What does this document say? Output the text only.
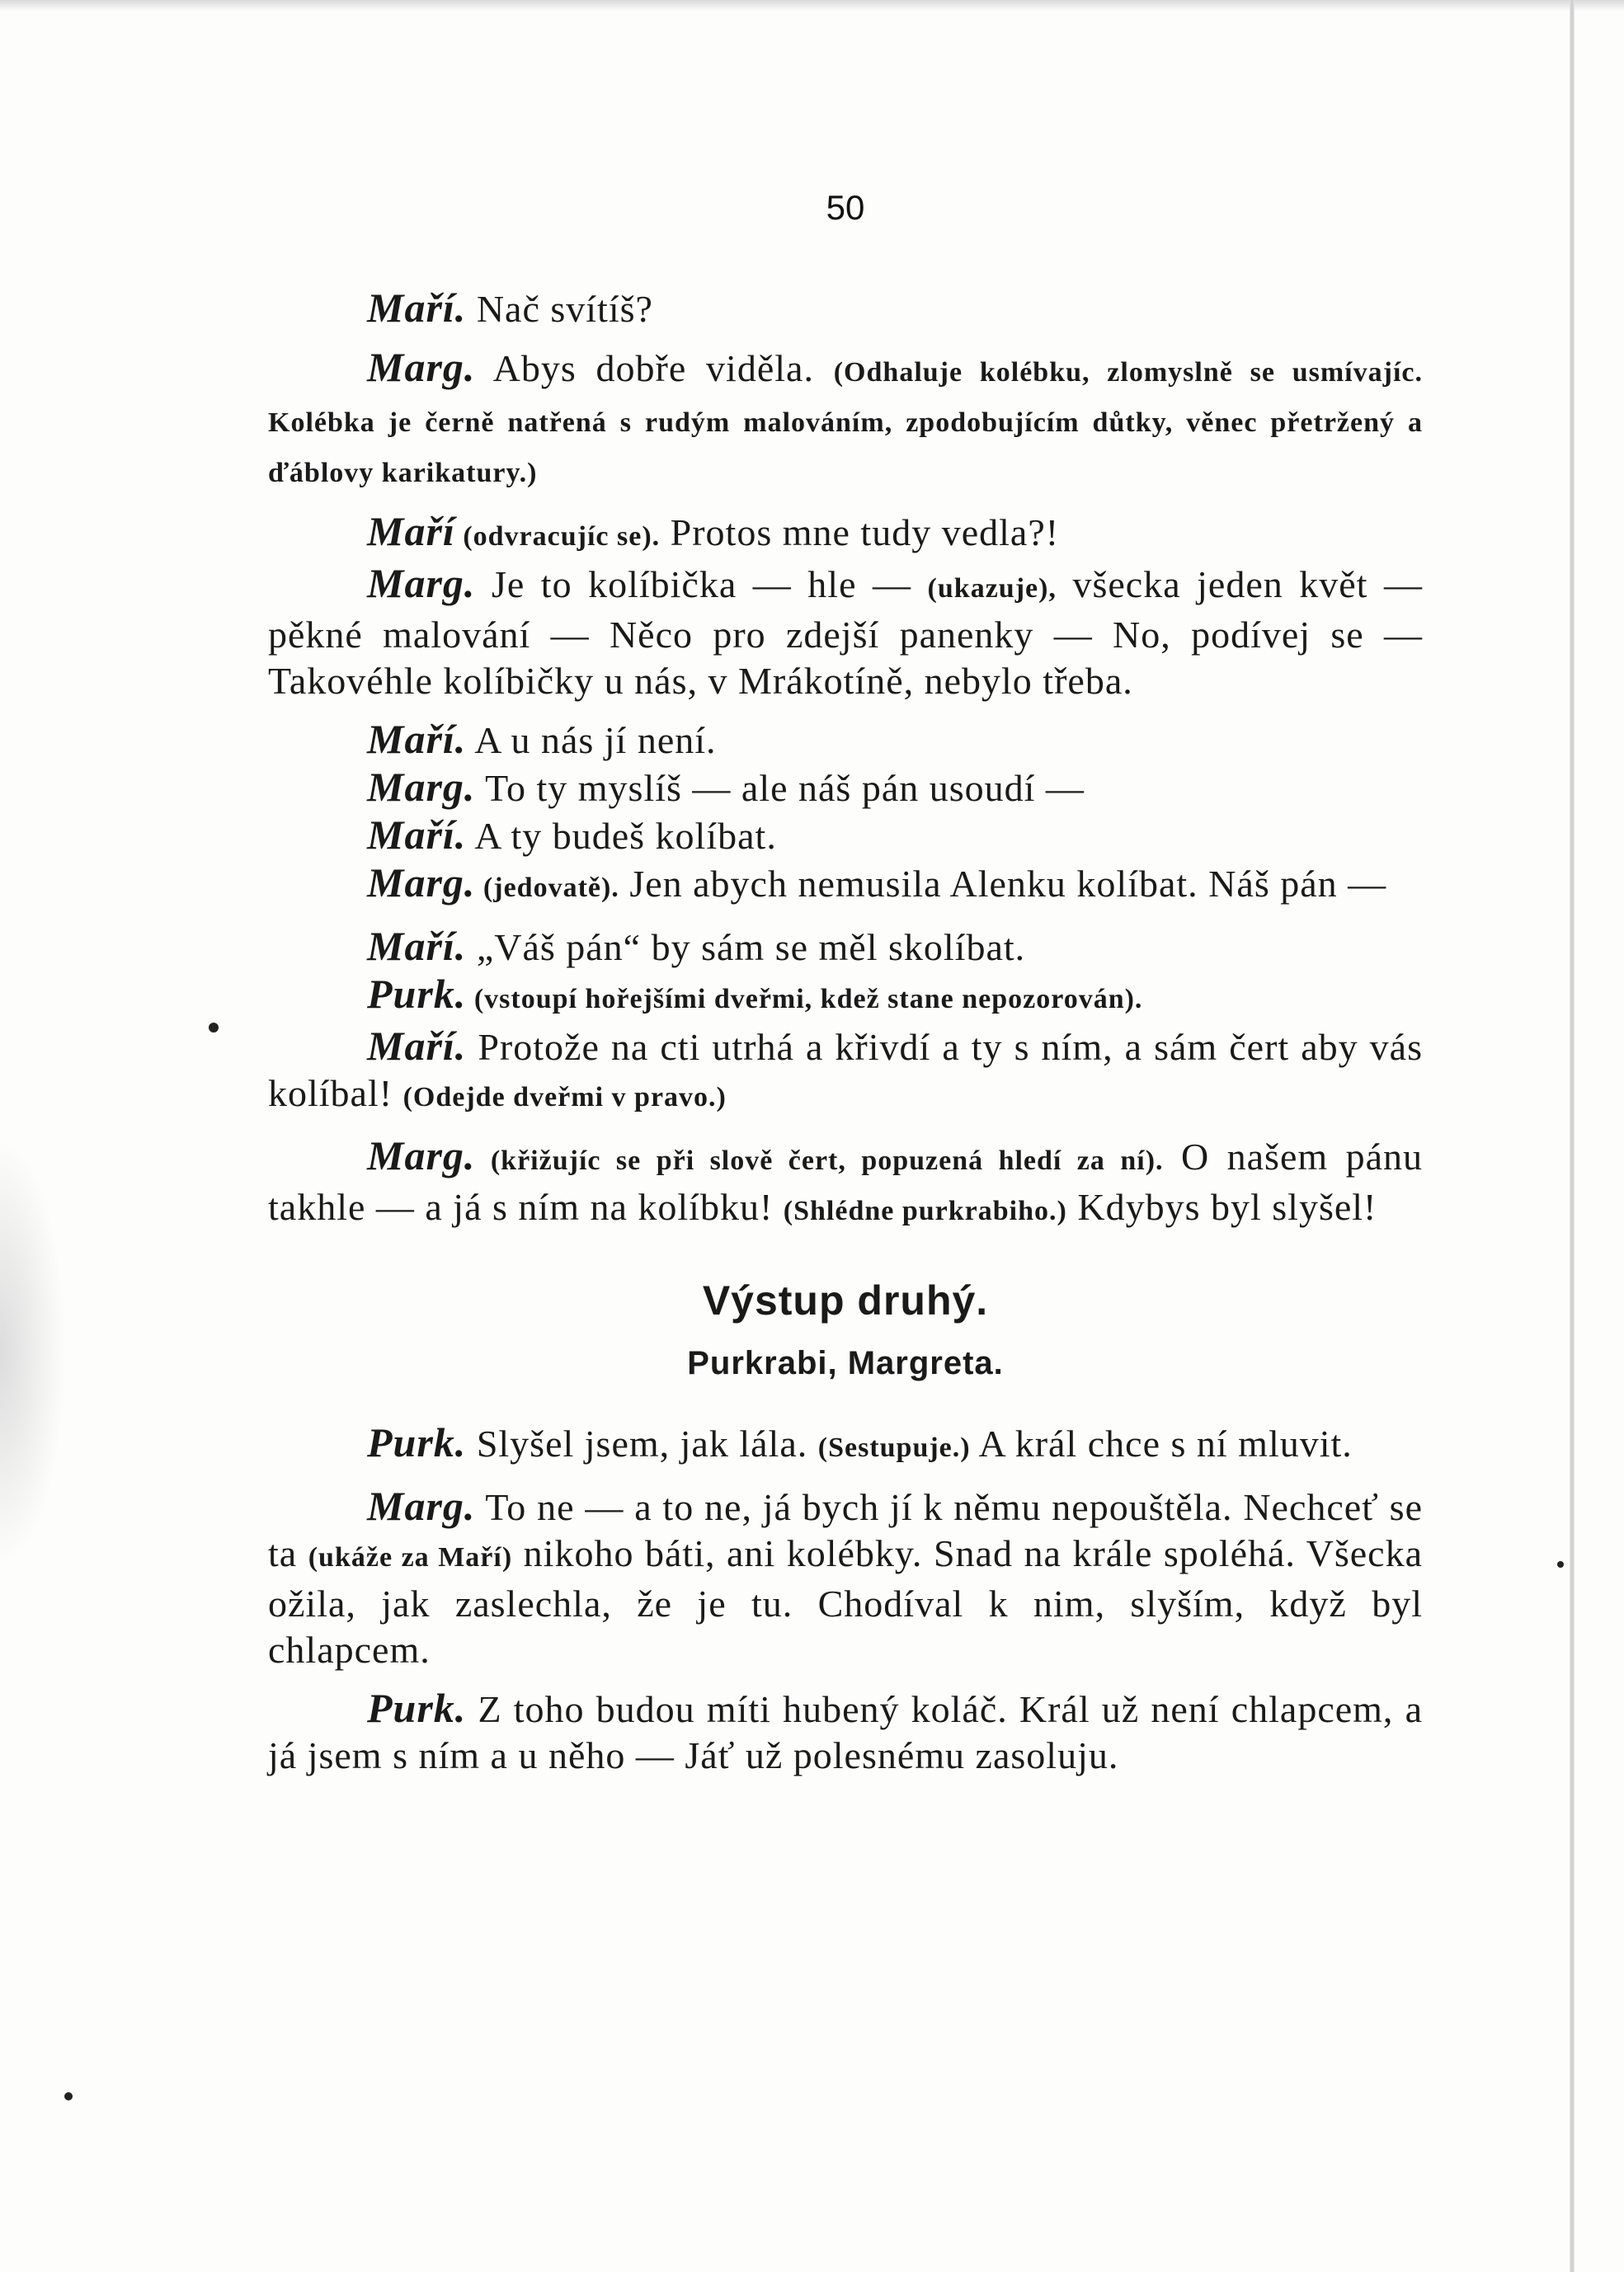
50

Maří. Nač svítíš?

Marg. Abys dobře viděla. (Odhaluje kolébku, zlomyslně se usmívajíc. Kolébka je černě natřená s rudým malováním, zpodobujícím důtky, věnec přetržený a ďáblovy karikatury.)

Maří (odvracujíc se). Protos mne tudy vedla?!

Marg. Je to kolíbička — hle — (ukazuje), všecka jeden květ — pěkné malování — Něco pro zdejší panenky — No, podívej se — Takovéhle kolíbičky u nás, v Mrákotíně, nebylo třeba.

Maří. A u nás jí není.

Marg. To ty myslíš — ale náš pán usoudí —

Maří. A ty budeš kolíbat.

Marg. (jedovatě). Jen abych nemusila Alenku kolíbat. Náš pán —

Maří. „Váš pán“ by sám se měl skolíbat.

Purk. (vstoupí hořejšími dveřmi, kdež stane nepozorován).

Maří. Protože na cti utrhá a křivdí a ty s ním, a sám čert aby vás kolíbal! (Odejde dveřmi v pravo.)

Marg. (křižujíc se při slově čert, popuzená hledí za ní). O našem pánu takhle — a já s ním na kolíbku! (Shlédne purkrabiho.) Kdybys byl slyšel!

Výstup druhý.
Purkrabi, Margreta.

Purk. Slyšel jsem, jak lála. (Sestupuje.) A král chce s ní mluvit.

Marg. To ne — a to ne, já bych jí k němu nepouštěla. Nechceť se ta (ukáže za Maří) nikoho báti, ani kolébky. Snad na krále spoléhá. Všecka ožila, jak zaslechla, že je tu. Chodíval k nim, slyším, když byl chlapcem.

Purk. Z toho budou míti hubený koláč. Král už není chlapcem, a já jsem s ním a u něho — Jáť už polesnému zasoluju.
